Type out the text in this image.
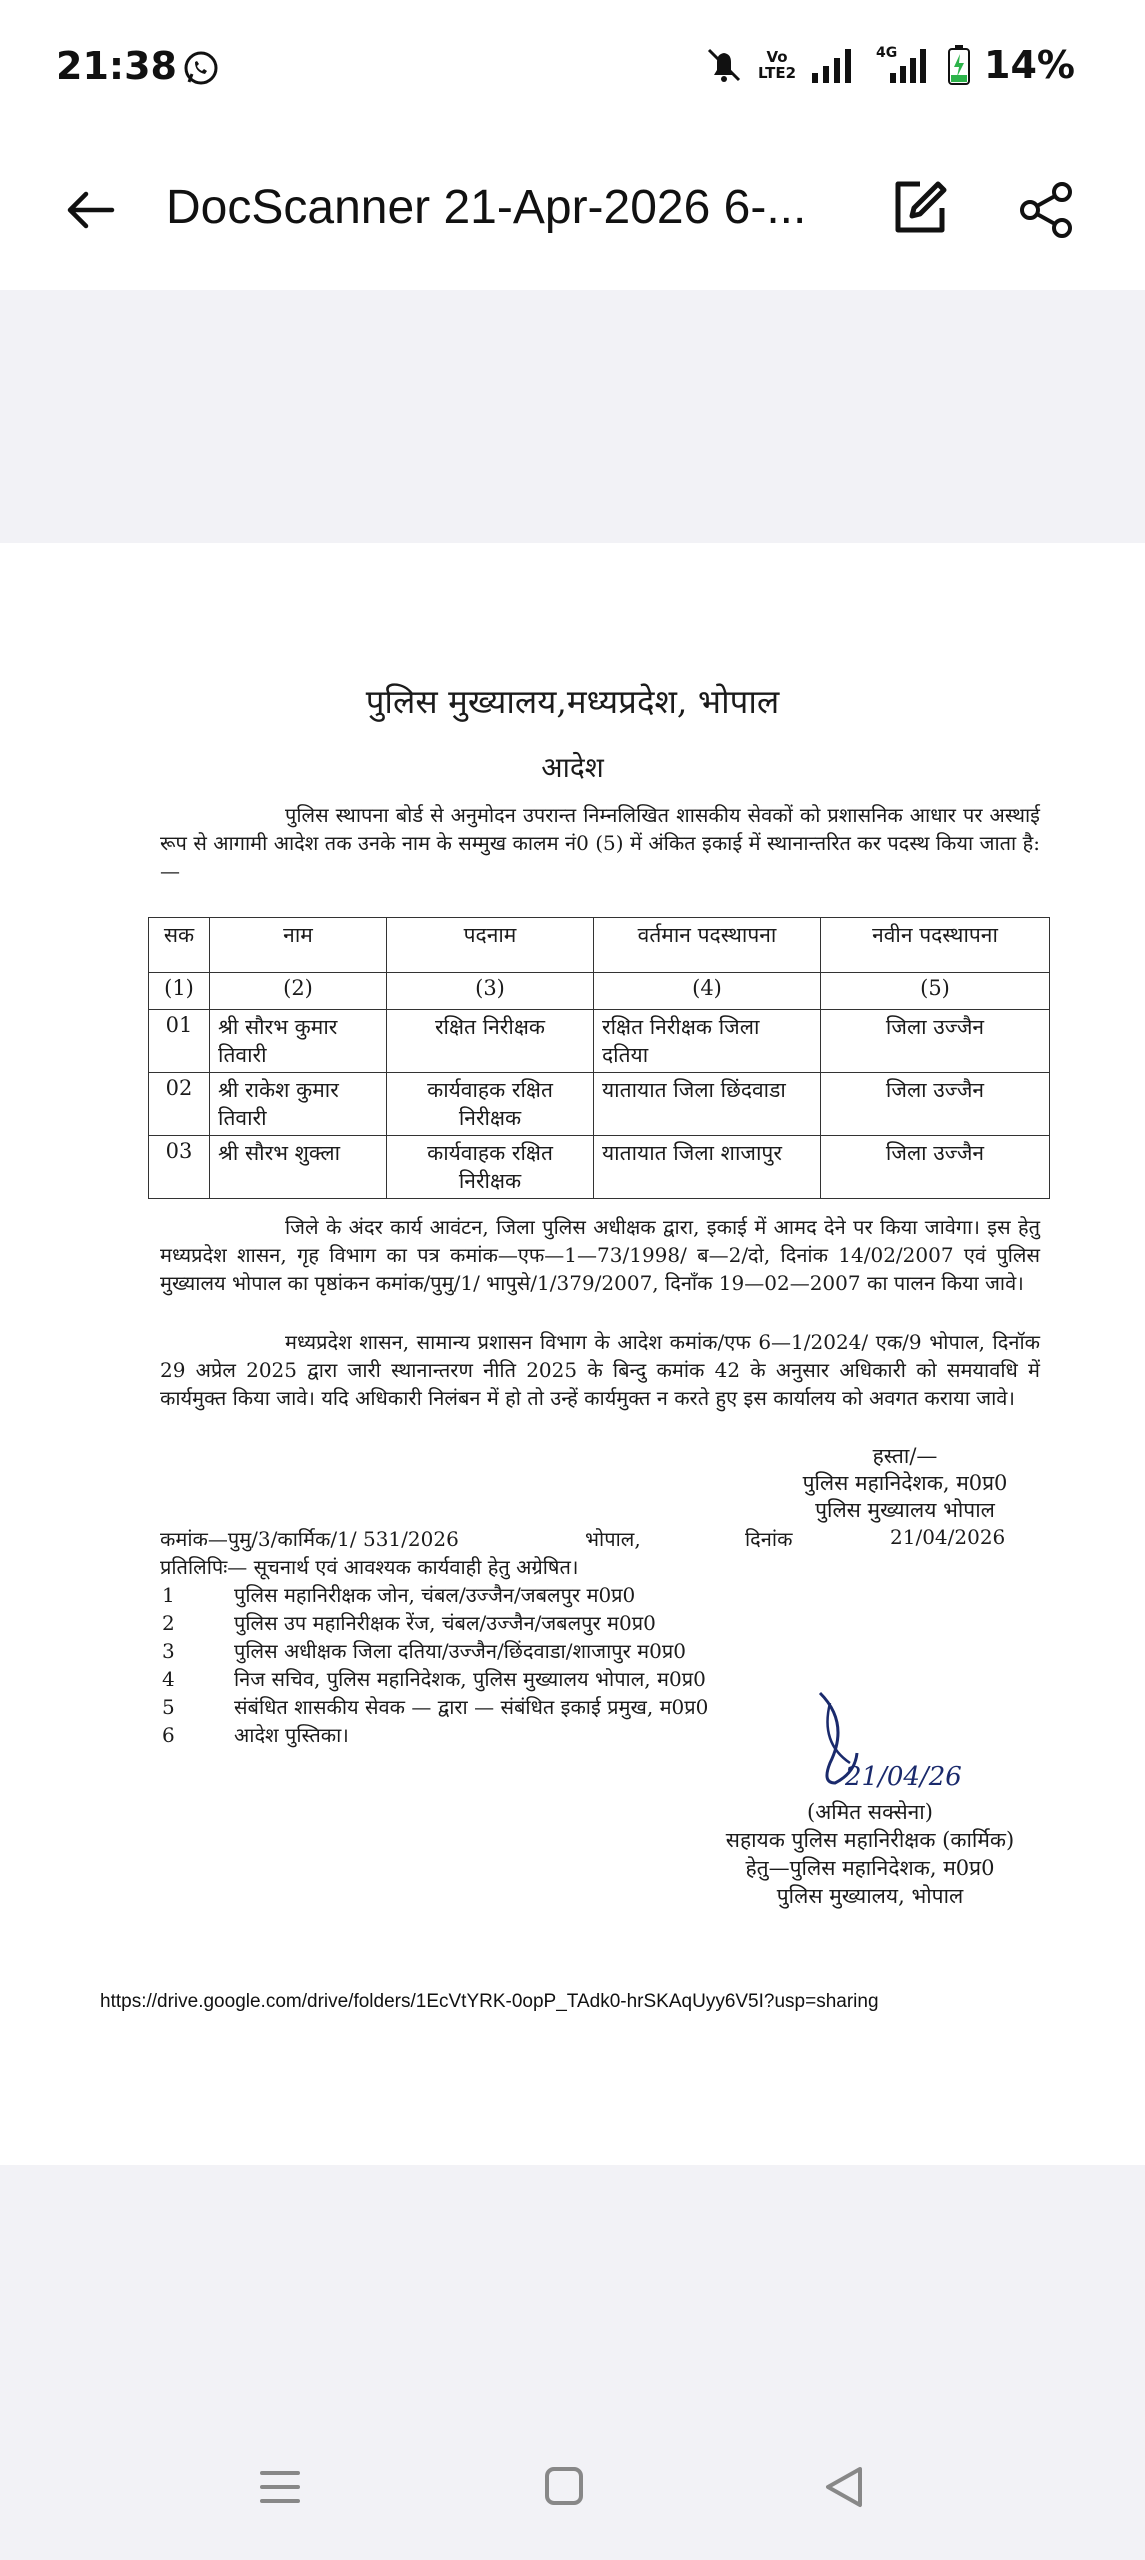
21:38	Vo
LTE2
4G 14%
DocScanner 21-Apr-2026 6-...
पुलिस मुख्यालय,मध्यप्रदेश, भोपाल
आदेश
पुलिस स्थापना बोर्ड से अनुमोदन उपरान्त निम्नलिखित शासकीय सेवकों को प्रशासनिक आधार पर अस्थाई रूप से आगामी आदेश तक उनके नाम के सम्मुख कालम नं0 (5) में अंकित इकाई में स्थानान्तरित कर पदस्थ किया जाता है:—
सक	नाम	पदनाम	वर्तमान पदस्थापना	नवीन पदस्थापना
(1)	(2)	(3)	(4)	(5)
01	श्री सौरभ कुमार तिवारी	रक्षित निरीक्षक	रक्षित निरीक्षक जिला दतिया	जिला उज्जैन
02	श्री राकेश कुमार तिवारी	कार्यवाहक रक्षित निरीक्षक	यातायात जिला छिंदवाडा	जिला उज्जैन
03	श्री सौरभ शुक्ला	कार्यवाहक रक्षित निरीक्षक	यातायात जिला शाजापुर	जिला उज्जैन
जिले के अंदर कार्य आवंटन, जिला पुलिस अधीक्षक द्वारा, इकाई में आमद देने पर किया जावेगा। इस हेतु मध्यप्रदेश शासन, गृह विभाग का पत्र कमांक—एफ—1—73/1998/ ब—2/दो, दिनांक 14/02/2007 एवं पुलिस मुख्यालय भोपाल का पृष्ठांकन कमांक/पुमु/1/ भापुसे/1/379/2007, दिनाँक 19—02—2007 का पालन किया जावे।
मध्यप्रदेश शासन, सामान्य प्रशासन विभाग के आदेश कमांक/एफ 6—1/2024/ एक/9 भोपाल, दिनॉक 29 अप्रेल 2025 द्वारा जारी स्थानान्तरण नीति 2025 के बिन्दु कमांक 42 के अनुसार अधिकारी को समयावधि में कार्यमुक्त किया जावे। यदि अधिकारी निलंबन में हो तो उन्हें कार्यमुक्त न करते हुए इस कार्यालय को अवगत कराया जावे।
हस्ता/—
पुलिस महानिदेशक, म0प्र0
पुलिस मुख्यालय भोपाल
कमांक—पुमु/3/कार्मिक/1/ 531/2026	भोपाल,	दिनांक	21/04/2026
प्रतिलिपिः— सूचनार्थ एवं आवश्यक कार्यवाही हेतु अग्रेषित।
1	पुलिस महानिरीक्षक जोन, चंबल/उज्जैन/जबलपुर म0प्र0
2	पुलिस उप महानिरीक्षक रेंज, चंबल/उज्जैन/जबलपुर म0प्र0
3	पुलिस अधीक्षक जिला दतिया/उज्जैन/छिंदवाडा/शाजापुर म0प्र0
4	निज सचिव, पुलिस महानिदेशक, पुलिस मुख्यालय भोपाल, म0प्र0
5	संबंधित शासकीय सेवक — द्वारा — संबंधित इकाई प्रमुख, म0प्र0
6	आदेश पुस्तिका।
21/04/26
(अमित सक्सेना)
सहायक पुलिस महानिरीक्षक (कार्मिक)
हेतु—पुलिस महानिदेशक, म0प्र0
पुलिस मुख्यालय, भोपाल
https://drive.google.com/drive/folders/1EcVtYRK-0opP_TAdk0-hrSKAqUyy6V5I?usp=sharing
